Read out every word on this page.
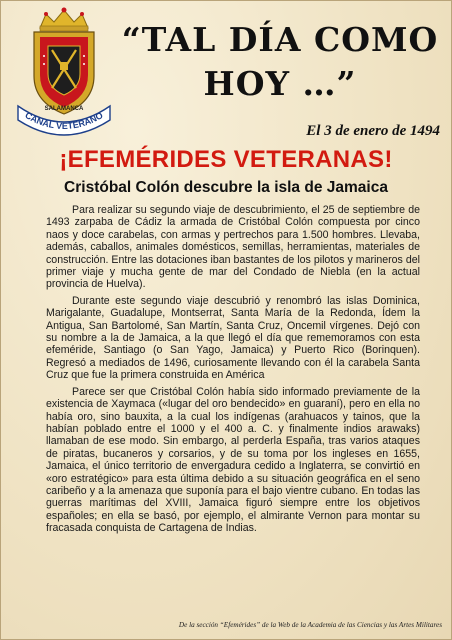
SALAMANCA
CANAL VETERANO
“TAL DÍA COMO
HOY …”
El 3 de enero de 1494
¡EFEMÉRIDES VETERANAS!
Cristóbal Colón descubre la isla de Jamaica

Para realizar su segundo viaje de descubrimiento, el 25 de septiembre de 1493 zarpaba de Cádiz la armada de Cristóbal Colón compuesta por cinco naos y doce carabelas, con armas y pertrechos para 1.500 hombres. Llevaba, además, caballos, animales domésticos, semillas, herramientas, materiales de construcción. Entre las dotaciones iban bastantes de los pilotos y marineros del primer viaje y mucha gente de mar del Condado de Niebla (en la actual provincia de Huelva).

Durante este segundo viaje descubrió y renombró las islas Dominica, Marigalante, Guadalupe, Montserrat, Santa María de la Redonda, Ídem la Antigua, San Bartolomé, San Martín, Santa Cruz, Oncemil vírgenes. Dejó con su nombre a la de Jamaica, a la que llegó el día que rememoramos con esta efeméride, Santiago (o San Yago, Jamaica) y Puerto Rico (Borinquen). Regresó a mediados de 1496, curiosamente llevando con él la carabela Santa Cruz que fue la primera construida en América

Parece ser que Cristóbal Colón había sido informado previamente de la existencia de Xaymaca («lugar del oro bendecido» en guaraní), pero en ella no había oro, sino bauxita, a la cual los indígenas (arahuacos y tainos, que la habían poblado entre el 1000 y el 400 a. C. y finalmente indios arawaks) llamaban de ese modo. Sin embargo, al perderla España, tras varios ataques de piratas, bucaneros y corsarios, y de su toma por los ingleses en 1655, Jamaica, el único territorio de envergadura cedido a Inglaterra, se convirtió en «oro estratégico» para esta última debido a su situación geográfica en el seno caribeño y a la amenaza que suponía para el bajo vientre cubano. En todas las guerras marítimas del XVIII, Jamaica figuró siempre entre los objetivos españoles; en ella se basó, por ejemplo, el almirante Vernon para montar su fracasada conquista de Cartagena de Indias.

De la sección “Efemérides” de la Web de la Academia de las Ciencias y las Artes Militares
